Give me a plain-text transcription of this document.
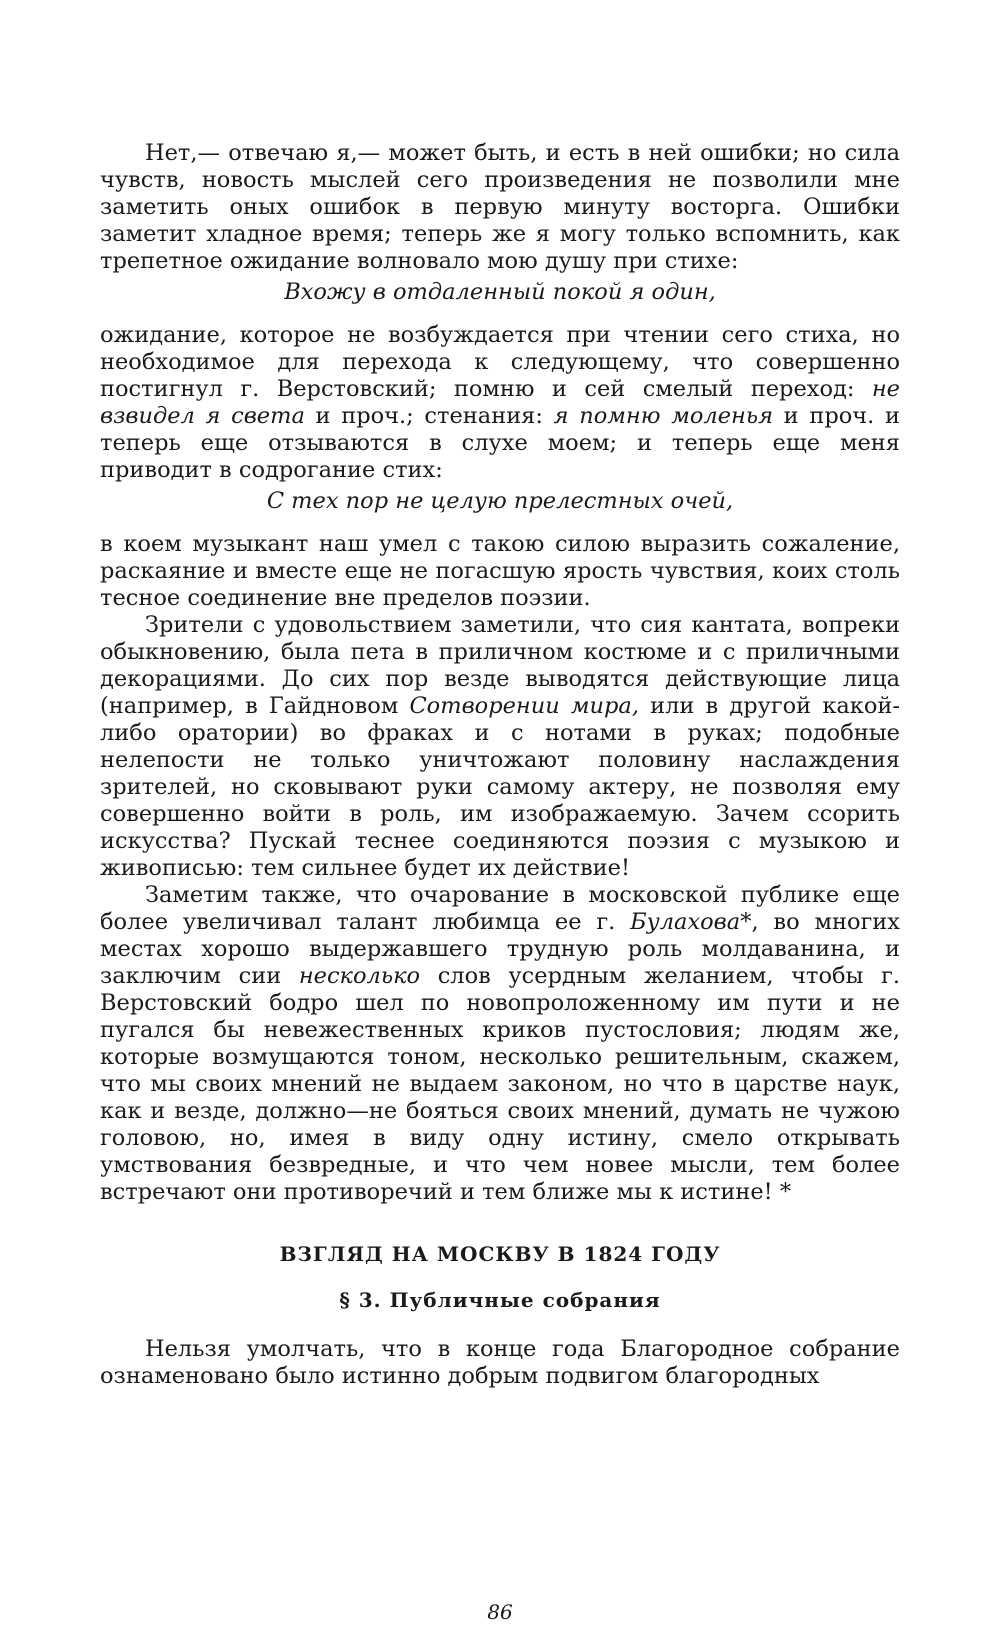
Нет,— отвечаю я,— может быть, и есть в ней ошибки; но сила чувств, новость мыслей сего произведения не позволили мне заметить оных ошибок в первую минуту восторга. Ошибки заметит хладное время; теперь же я могу только вспомнить, как трепетное ожидание волновало мою душу при стихе:

Вхожу в отдаленный покой я один,

ожидание, которое не возбуждается при чтении сего стиха, но необходимое для перехода к следующему, что совершенно постигнул г. Верстовский; помню и сей смелый переход: не взвидел я света и проч.; стенания: я помню моленья и проч. и теперь еще отзываются в слухе моем; и теперь еще меня приводит в содрогание стих:

С тех пор не целую прелестных очей,

в коем музыкант наш умел с такою силою выразить сожаление, раскаяние и вместе еще не погасшую ярость чувствия, коих столь тесное соединение вне пределов поэзии.

Зрители с удовольствием заметили, что сия кантата, вопреки обыкновению, была пета в приличном костюме и с приличными декорациями. До сих пор везде выводятся действующие лица (например, в Гайдновом Сотворении мира, или в другой какой-либо оратории) во фраках и с нотами в руках; подобные нелепости не только уничтожают половину наслаждения зрителей, но сковывают руки самому актеру, не позволяя ему совершенно войти в роль, им изображаемую. Зачем ссорить искусства? Пускай теснее соединяются поэзия с музыкою и живописью: тем сильнее будет их действие!

Заметим также, что очарование в московской публике еще более увеличивал талант любимца ее г. Булахова*, во многих местах хорошо выдержавшего трудную роль молдаванина, и заключим сии несколько слов усердным желанием, чтобы г. Верстовский бодро шел по новопроложенному им пути и не пугался бы невежественных криков пустословия; людям же, которые возмущаются тоном, несколько решительным, скажем, что мы своих мнений не выдаем законом, но что в царстве наук, как и везде, должно—не бояться своих мнений, думать не чужою головою, но, имея в виду одну истину, смело открывать умствования безвредные, и что чем новее мысли, тем более встречают они противоречий и тем ближе мы к истине! *

ВЗГЛЯД НА МОСКВУ В 1824 ГОДУ

§ 3. Публичные собрания

Нельзя умолчать, что в конце года Благородное собрание ознаменовано было истинно добрым подвигом благородных

86
